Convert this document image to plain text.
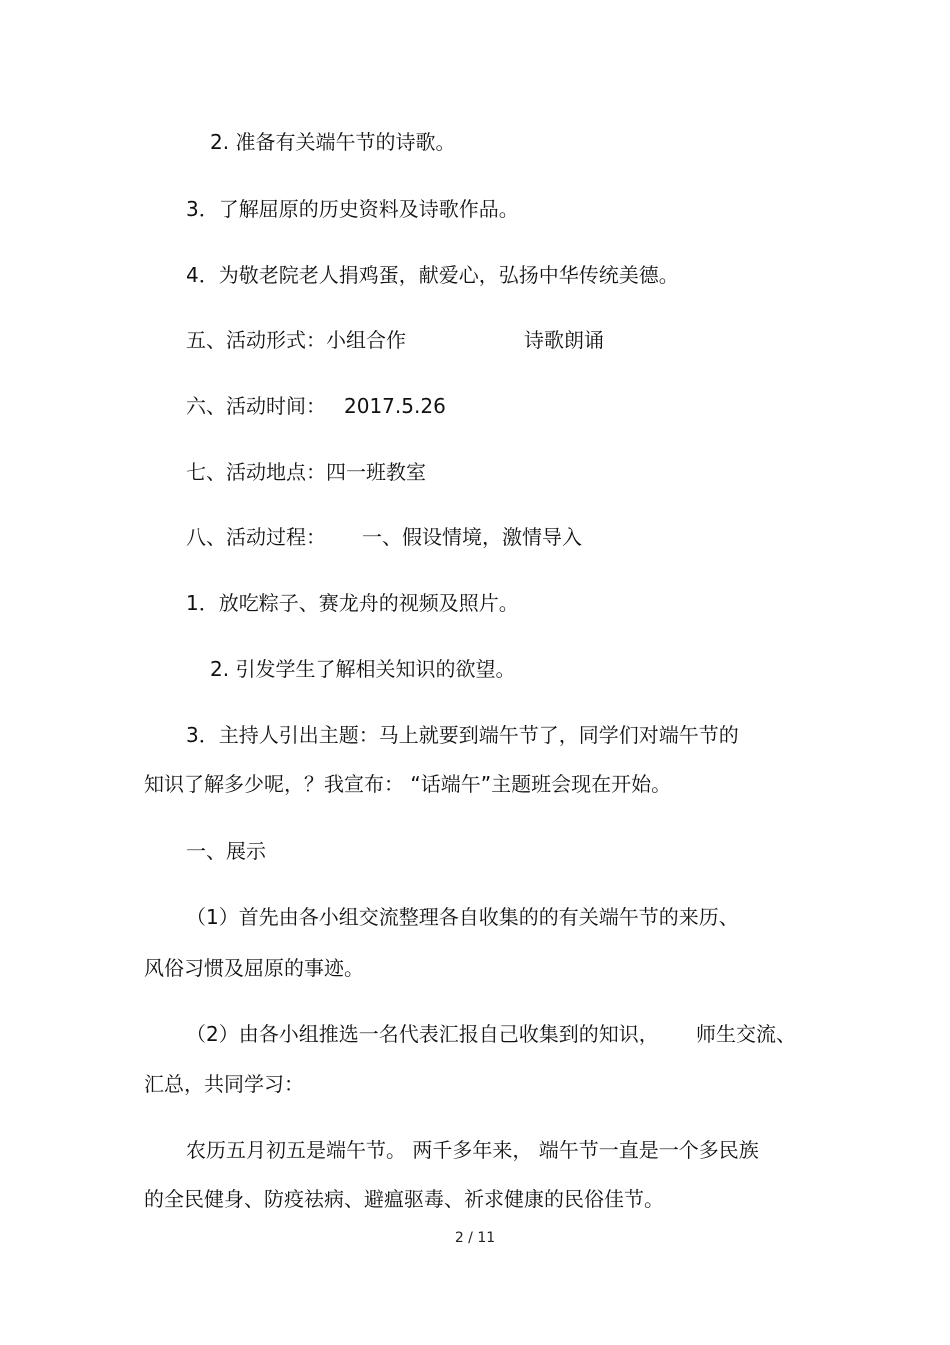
2. 准备有关端午节的诗歌。
3．了解屈原的历史资料及诗歌作品。
4．为敬老院老人捐鸡蛋，献爱心，弘扬中华传统美德。
五、活动形式：小组合作	诗歌朗诵
六、活动时间： 2017.5.26
七、活动地点：四一班教室
八、活动过程： 一、假设情境，激情导入
1．放吃粽子、赛龙舟的视频及照片。
2. 引发学生了解相关知识的欲望。
3．主持人引出主题：马上就要到端午节了，同学们对端午节的
知识了解多少呢，？我宣布： “话端午”主题班会现在开始。
一、展示
（1）首先由各小组交流整理各自收集的的有关端午节的来历、
风俗习惯及屈原的事迹。
（2）由各小组推选一名代表汇报自己收集到的知识， 师生交流、
汇总，共同学习：
农历五月初五是端午节。 两千多年来， 端午节一直是一个多民族
的全民健身、防疫祛病、避瘟驱毒、祈求健康的民俗佳节。
2 / 11
